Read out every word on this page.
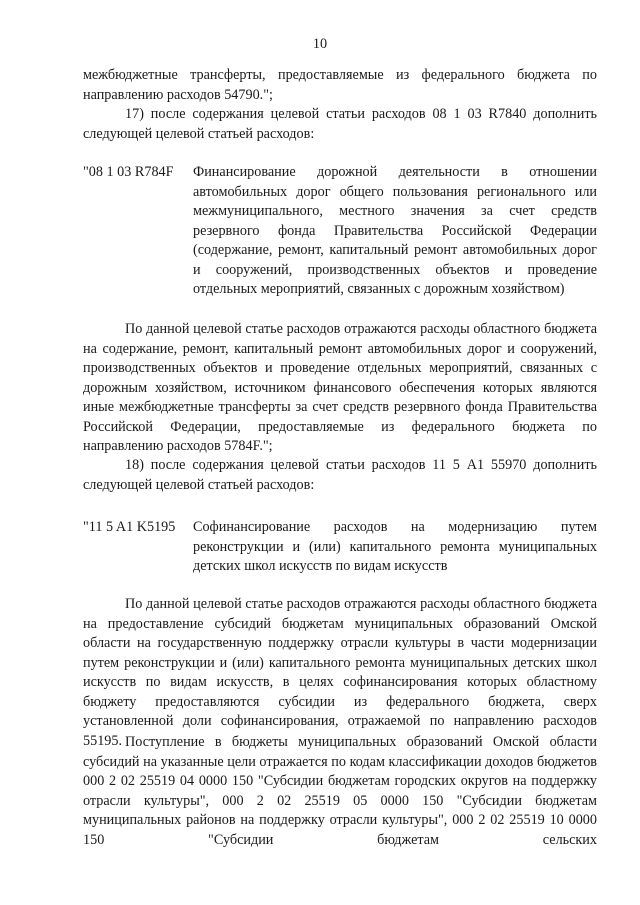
10

межбюджетные трансферты, предоставляемые из федерального бюджета по направлению расходов 54790.";

17) после содержания целевой статьи расходов 08 1 03 R7840 дополнить следующей целевой статьей расходов:

"08 1 03 R784F Финансирование дорожной деятельности в отношении автомобильных дорог общего пользования регионального или межмуниципального, местного значения за счет средств резервного фонда Правительства Российской Федерации (содержание, ремонт, капитальный ремонт автомобильных дорог и сооружений, производственных объектов и проведение отдельных мероприятий, связанных с дорожным хозяйством)

По данной целевой статье расходов отражаются расходы областного бюджета на содержание, ремонт, капитальный ремонт автомобильных дорог и сооружений, производственных объектов и проведение отдельных мероприятий, связанных с дорожным хозяйством, источником финансового обеспечения которых являются иные межбюджетные трансферты за счет средств резервного фонда Правительства Российской Федерации, предоставляемые из федерального бюджета по направлению расходов 5784F.";

18) после содержания целевой статьи расходов 11 5 A1 55970 дополнить следующей целевой статьей расходов:

"11 5 A1 K5195 Софинансирование расходов на модернизацию путем реконструкции и (или) капитального ремонта муниципальных детских школ искусств по видам искусств

По данной целевой статье расходов отражаются расходы областного бюджета на предоставление субсидий бюджетам муниципальных образований Омской области на государственную поддержку отрасли культуры в части модернизации путем реконструкции и (или) капитального ремонта муниципальных детских школ искусств по видам искусств, в целях софинансирования которых областному бюджету предоставляются субсидии из федерального бюджета, сверх установленной доли софинансирования, отражаемой по направлению расходов 55195. Поступление в бюджеты муниципальных образований Омской области субсидий на указанные цели отражается по кодам классификации доходов бюджетов 000 2 02 25519 04 0000 150 "Субсидии бюджетам городских округов на поддержку отрасли культуры", 000 2 02 25519 05 0000 150 "Субсидии бюджетам муниципальных районов на поддержку отрасли культуры", 000 2 02 25519 10 0000 150 "Субсидии бюджетам сельских
